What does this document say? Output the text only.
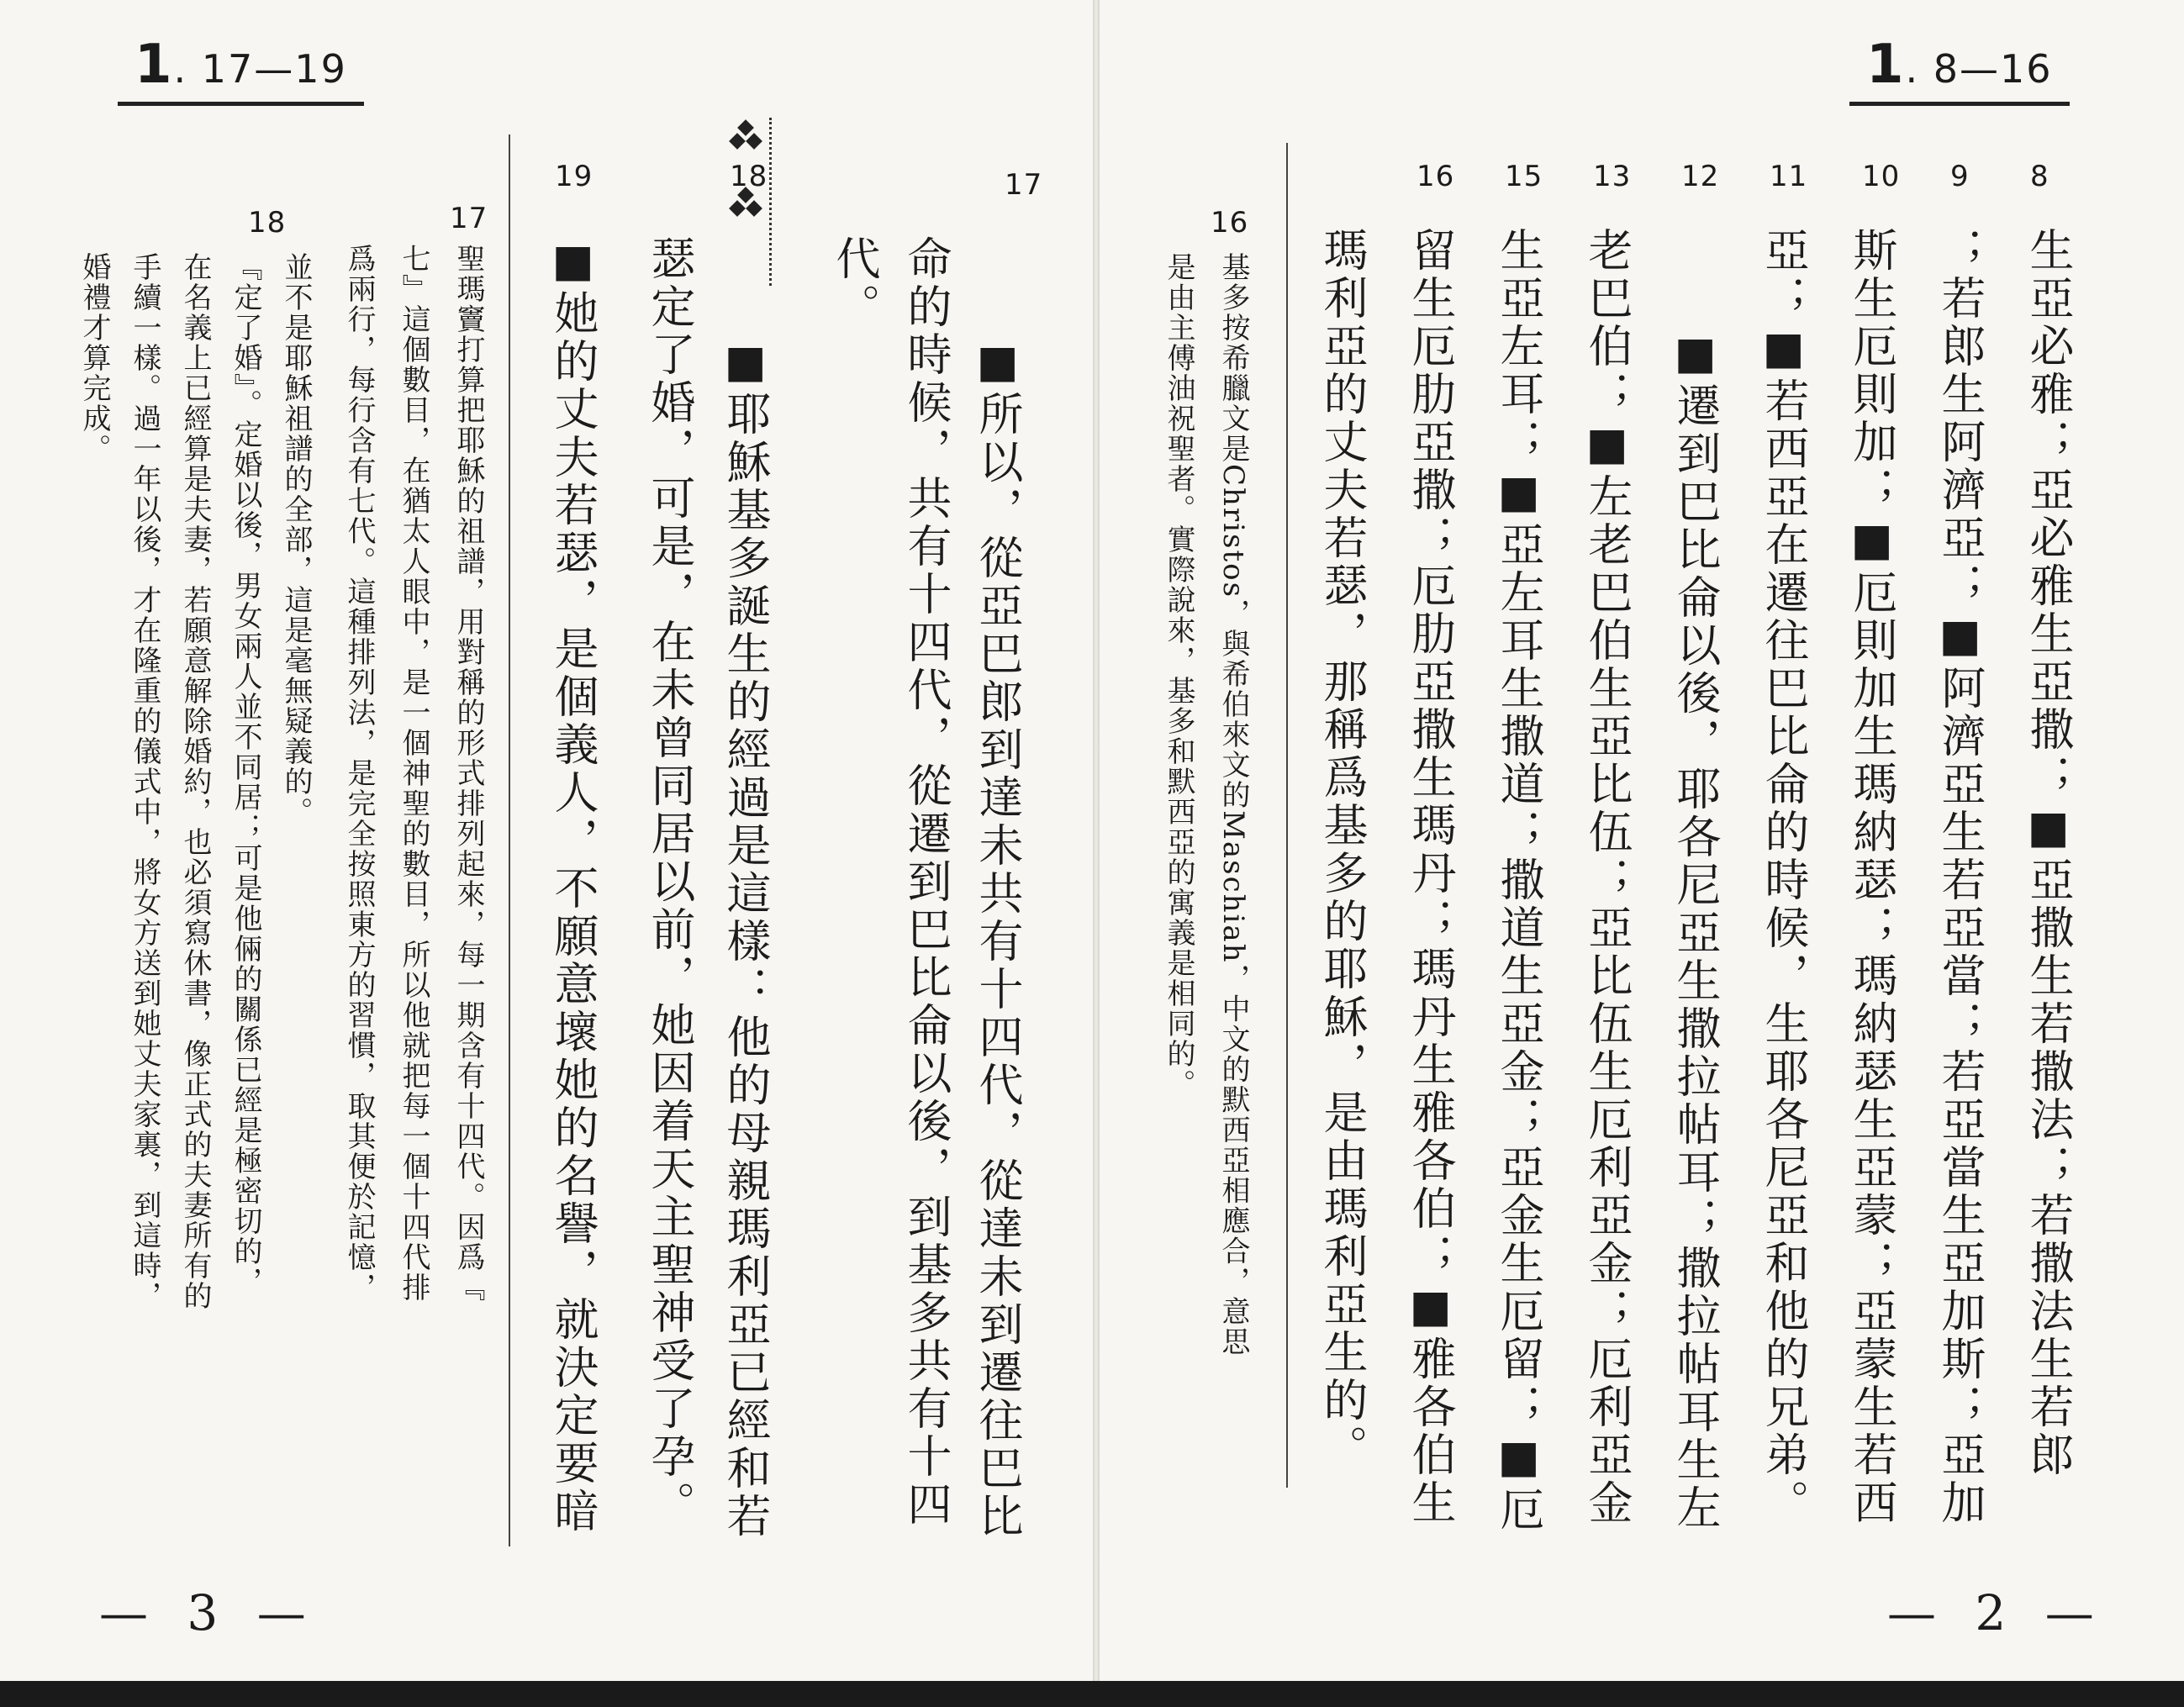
1. 17—19
17
代。 命的時候，共有十四代，從遷到巴比侖以後，到基多共有十四 ■所以，從亞巴郎到達未共有十四代，從達未到遷往巴比
18
■耶穌基多誕生的經過是這樣：他的母親瑪利亞已經和若
瑟定了婚，可是，在未曾同居以前，她因着天主聖神受了孕。
19
■她的丈夫若瑟，是個義人，不願意壞她的名譽，就決定要暗
17
聖瑪竇打算把耶穌的祖譜，用對稱的形式排列起來，每一期含有十四代。因爲『
七』這個數目，在猶太人眼中，是一個神聖的數目，所以他就把每一個十四代排
爲兩行，每行含有七代。這種排列法，是完全按照東方的習慣，取其便於記憶，
18
並不是耶穌祖譜的全部，這是毫無疑義的。
『定了婚』。定婚以後，男女兩人並不同居；可是他倆的關係已經是極密切的，
在名義上已經算是夫妻，若願意解除婚約，也必須寫休書，像正式的夫妻所有的
手續一樣。過一年以後，才在隆重的儀式中，將女方送到她丈夫家裏，到這時，
婚禮才算完成。
— 3 —
1. 8—16
8
9
10
11
12
13
15
16
生亞必雅；亞必雅生亞撒；■亞撒生若撒法；若撒法生若郎
；若郎生阿濟亞；■阿濟亞生若亞當；若亞當生亞加斯；亞加
斯生厄則加；■厄則加生瑪納瑟；瑪納瑟生亞蒙；亞蒙生若西
亞；■若西亞在遷往巴比侖的時候，生耶各尼亞和他的兄弟。
■遷到巴比侖以後，耶各尼亞生撒拉帖耳；撒拉帖耳生左
老巴伯；■左老巴伯生亞比伍；亞比伍生厄利亞金；厄利亞金
生亞左耳；■亞左耳生撒道；撒道生亞金；亞金生厄留；■厄
留生厄肋亞撒；厄肋亞撒生瑪丹；瑪丹生雅各伯；■雅各伯生
瑪利亞的丈夫若瑟，那稱爲基多的耶穌，是由瑪利亞生的。
16
基多按希臘文是Christos，與希伯來文的Maschiah，中文的默西亞相應合，意思
是由主傅油祝聖者。實際說來，基多和默西亞的寓義是相同的。
— 2 —
